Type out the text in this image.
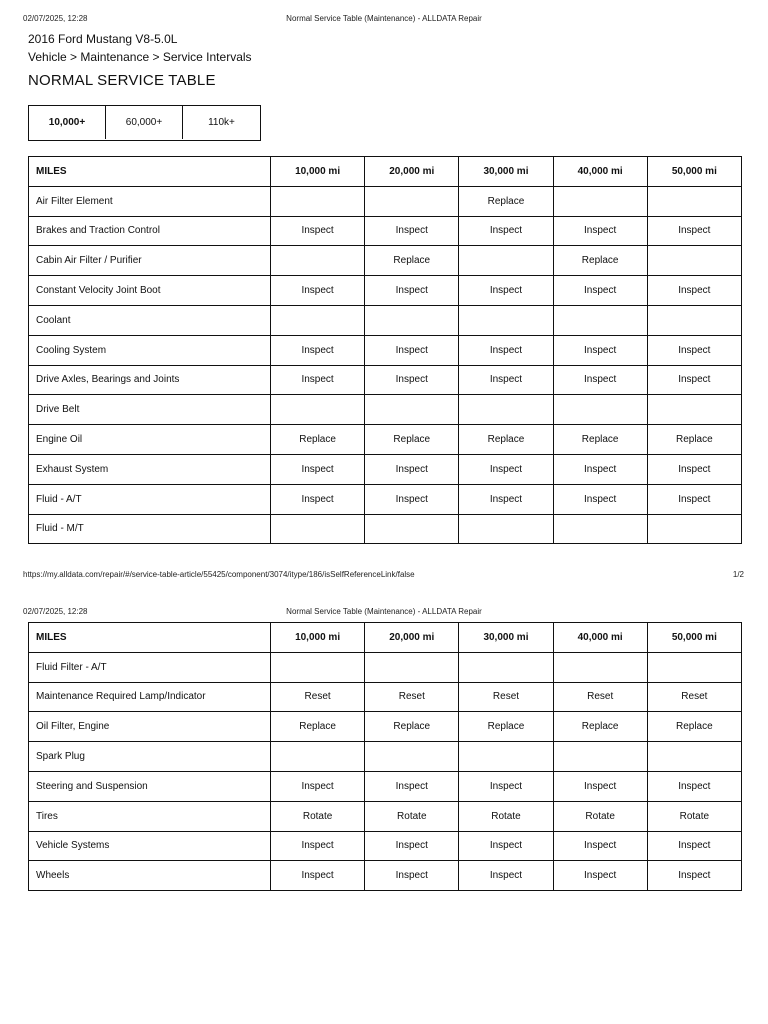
02/07/2025, 12:28	Normal Service Table (Maintenance) - ALLDATA Repair
2016 Ford Mustang V8-5.0L
Vehicle > Maintenance > Service Intervals
NORMAL SERVICE TABLE
10,000+	60,000+	110k+
MILES	10,000 mi	20,000 mi	30,000 mi	40,000 mi	50,000 mi
Air Filter Element			Replace		
Brakes and Traction Control	Inspect	Inspect	Inspect	Inspect	Inspect
Cabin Air Filter / Purifier		Replace		Replace	
Constant Velocity Joint Boot	Inspect	Inspect	Inspect	Inspect	Inspect
Coolant					
Cooling System	Inspect	Inspect	Inspect	Inspect	Inspect
Drive Axles, Bearings and Joints	Inspect	Inspect	Inspect	Inspect	Inspect
Drive Belt					
Engine Oil	Replace	Replace	Replace	Replace	Replace
Exhaust System	Inspect	Inspect	Inspect	Inspect	Inspect
Fluid - A/T	Inspect	Inspect	Inspect	Inspect	Inspect
Fluid - M/T					
https://my.alldata.com/repair/#/service-table-article/55425/component/3074/itype/186/isSelfReferenceLink/false	1/2
02/07/2025, 12:28	Normal Service Table (Maintenance) - ALLDATA Repair
MILES	10,000 mi	20,000 mi	30,000 mi	40,000 mi	50,000 mi
Fluid Filter - A/T					
Maintenance Required Lamp/Indicator	Reset	Reset	Reset	Reset	Reset
Oil Filter, Engine	Replace	Replace	Replace	Replace	Replace
Spark Plug					
Steering and Suspension	Inspect	Inspect	Inspect	Inspect	Inspect
Tires	Rotate	Rotate	Rotate	Rotate	Rotate
Vehicle Systems	Inspect	Inspect	Inspect	Inspect	Inspect
Wheels	Inspect	Inspect	Inspect	Inspect	Inspect
